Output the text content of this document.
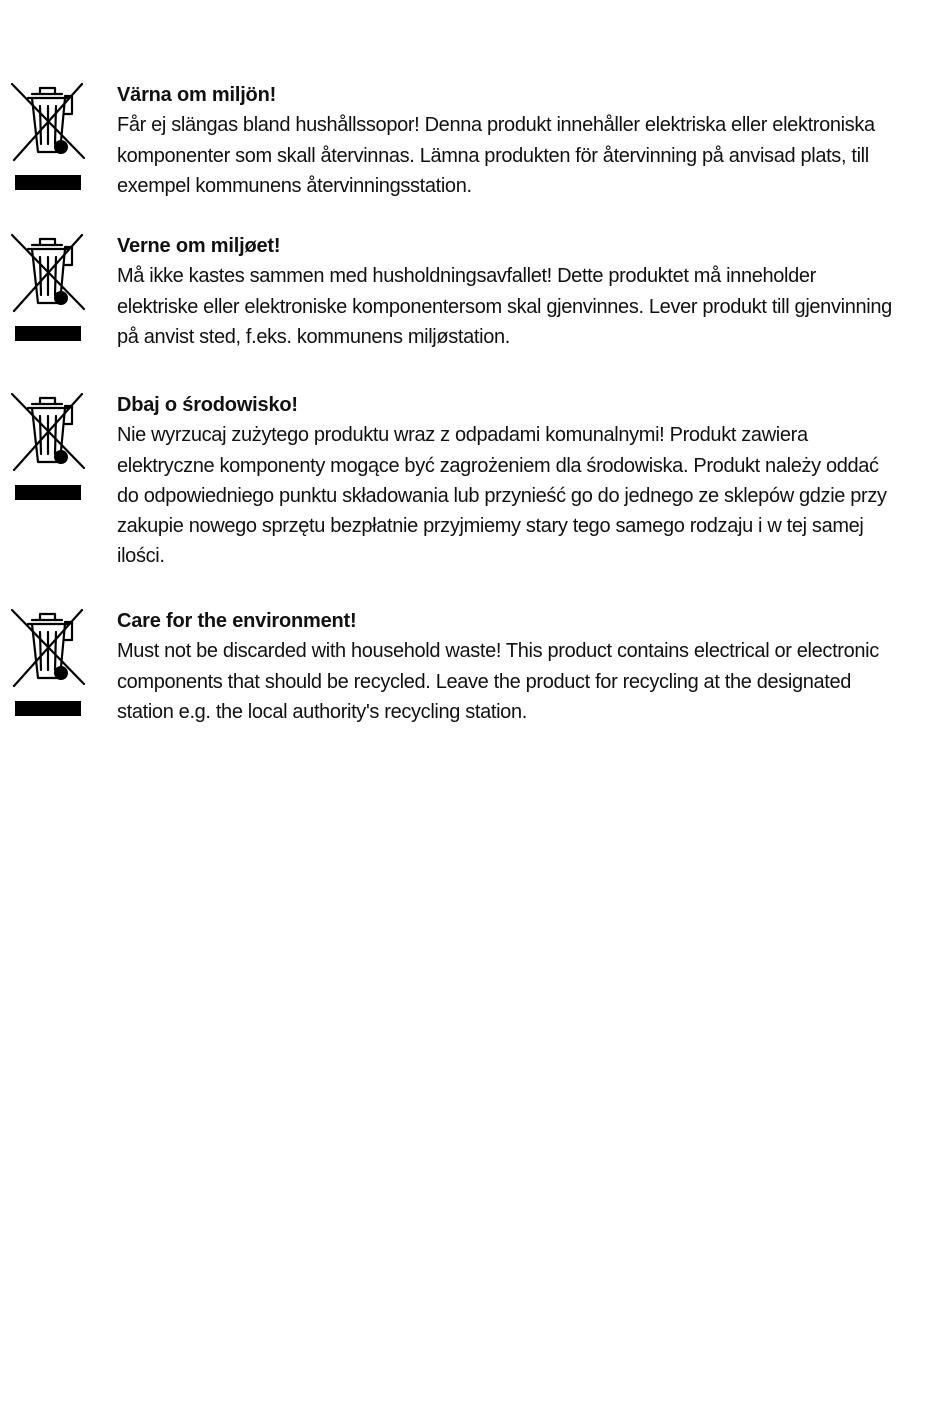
Värna om miljön!

Får ej slängas bland hushållssopor! Denna produkt innehåller elektriska eller elektroniska komponenter som skall återvinnas. Lämna produkten för återvinning på anvisad plats, till exempel kommunens återvinningsstation.

Verne om miljøet!

Må ikke kastes sammen med husholdningsavfallet! Dette produktet må inneholder elektriske eller elektroniske komponentersom skal gjenvinnes. Lever produkt till gjenvinning på anvist sted, f.eks. kommunens miljøstation.

Dbaj o środowisko!

Nie wyrzucaj zużytego produktu wraz z odpadami komunalnymi! Produkt zawiera elektryczne komponenty mogące być zagrożeniem dla środowiska. Produkt należy oddać do odpowiedniego punktu składowania lub przynieść go do jednego ze sklepów gdzie przy zakupie nowego sprzętu bezpłatnie przyjmiemy stary tego samego rodzaju i w tej samej ilości.

Care for the environment!

Must not be discarded with household waste! This product contains electrical or electronic components that should be recycled. Leave the product for recycling at the designated station e.g. the local authority's recycling station.
